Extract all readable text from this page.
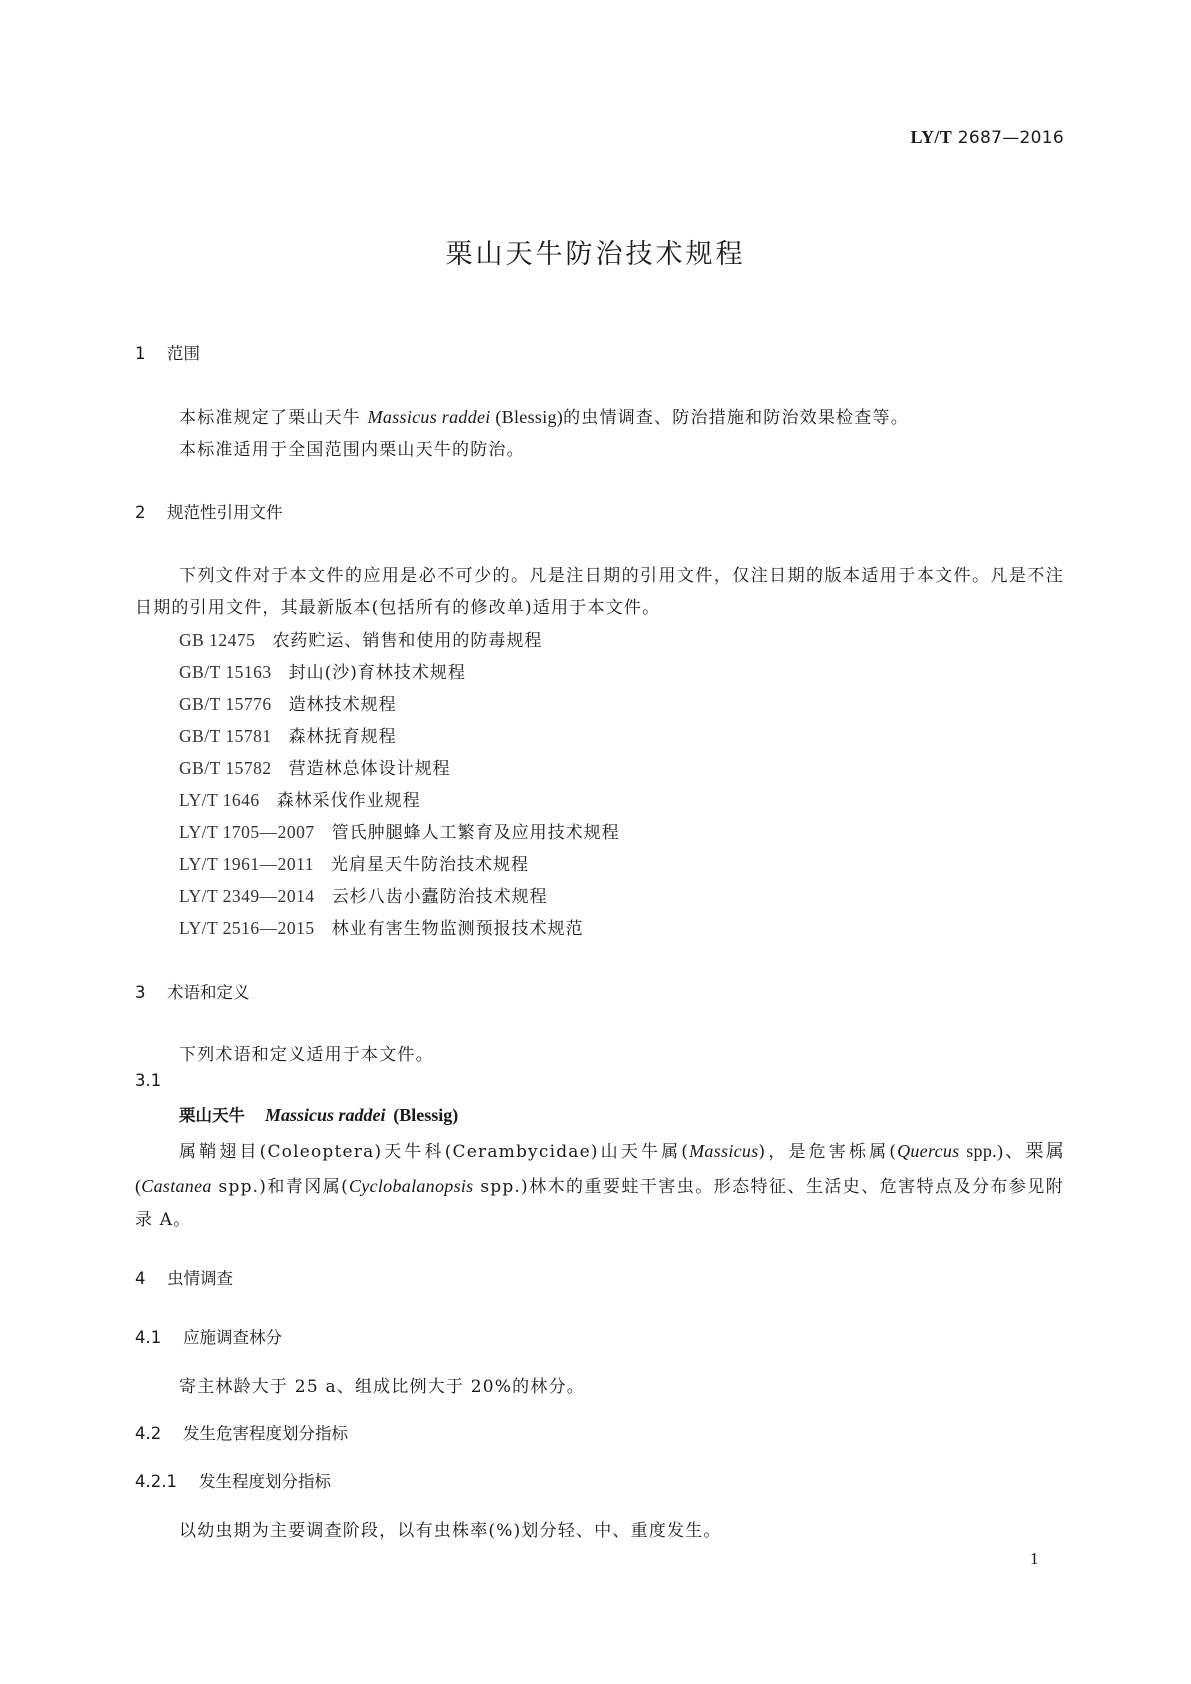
LY/T 2687—2016
栗山天牛防治技术规程
1 范围
本标准规定了栗山天牛 Massicus raddei (Blessig)的虫情调查、防治措施和防治效果检查等。
本标准适用于全国范围内栗山天牛的防治。
2 规范性引用文件
下列文件对于本文件的应用是必不可少的。凡是注日期的引用文件，仅注日期的版本适用于本文件。凡是不注日期的引用文件，其最新版本(包括所有的修改单)适用于本文件。
GB 12475 农药贮运、销售和使用的防毒规程
GB/T 15163 封山(沙)育林技术规程
GB/T 15776 造林技术规程
GB/T 15781 森林抚育规程
GB/T 15782 营造林总体设计规程
LY/T 1646 森林采伐作业规程
LY/T 1705—2007 管氏肿腿蜂人工繁育及应用技术规程
LY/T 1961—2011 光肩星天牛防治技术规程
LY/T 2349—2014 云杉八齿小蠹防治技术规程
LY/T 2516—2015 林业有害生物监测预报技术规范
3 术语和定义
下列术语和定义适用于本文件。
3.1
栗山天牛 Massicus raddei (Blessig)
属鞘翅目(Coleoptera)天牛科(Cerambycidae)山天牛属(Massicus)，是危害栎属(Quercus spp.)、栗属(Castanea spp.)和青冈属(Cyclobalanopsis spp.)林木的重要蛀干害虫。形态特征、生活史、危害特点及分布参见附录 A。
4 虫情调查
4.1 应施调查林分
寄主林龄大于 25 a、组成比例大于 20%的林分。
4.2 发生危害程度划分指标
4.2.1 发生程度划分指标
以幼虫期为主要调查阶段，以有虫株率(%)划分轻、中、重度发生。
1
